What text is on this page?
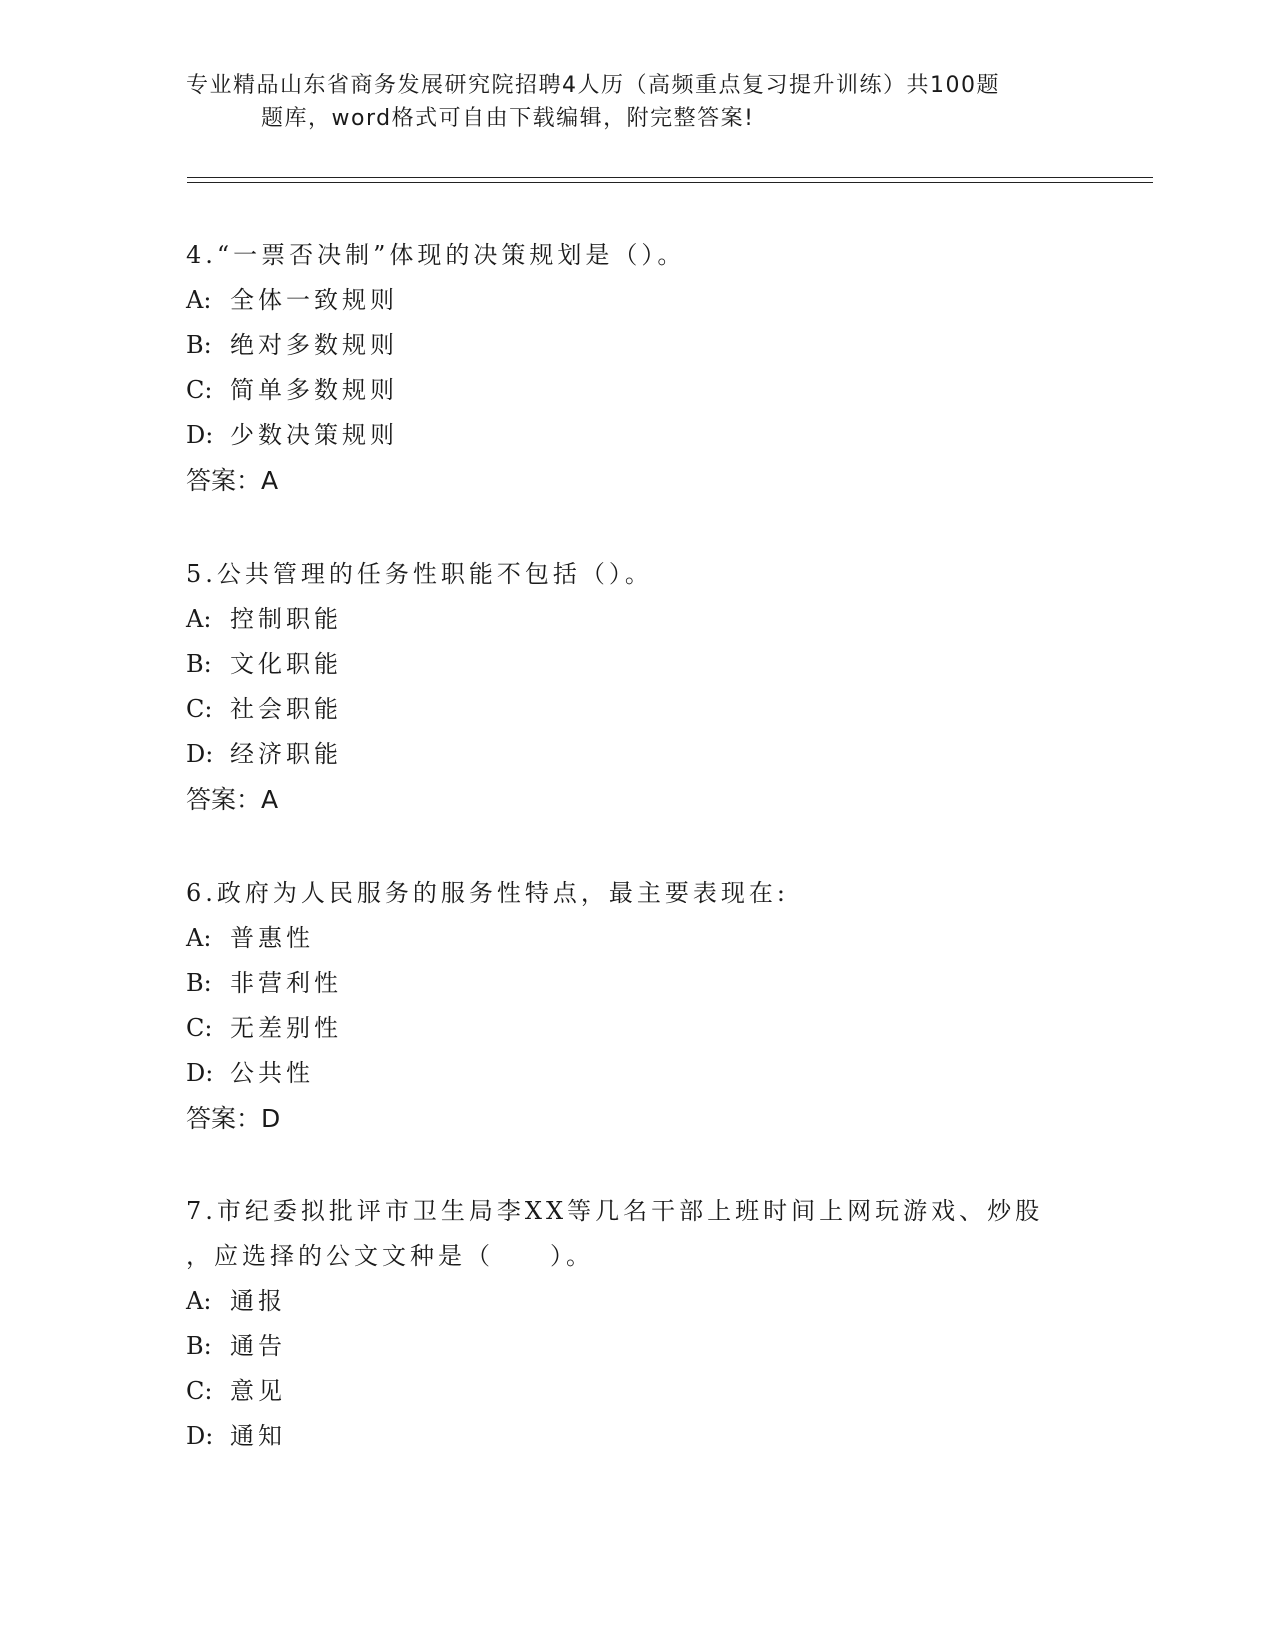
专业精品山东省商务发展研究院招聘4人历（高频重点复习提升训练）共100题
题库，word格式可自由下载编辑，附完整答案!
4.“一票否决制”体现的决策规划是（）。
A: 全体一致规则
B: 绝对多数规则
C: 简单多数规则
D: 少数决策规则
答案：A
5.公共管理的任务性职能不包括（）。
A: 控制职能
B: 文化职能
C: 社会职能
D: 经济职能
答案：A
6.政府为人民服务的服务性特点，最主要表现在:
A: 普惠性
B: 非营利性
C: 无差别性
D: 公共性
答案：D
7.市纪委拟批评市卫生局李XX等几名干部上班时间上网玩游戏、炒股
，应选择的公文文种是（　　）。
A: 通报
B: 通告
C: 意见
D: 通知
